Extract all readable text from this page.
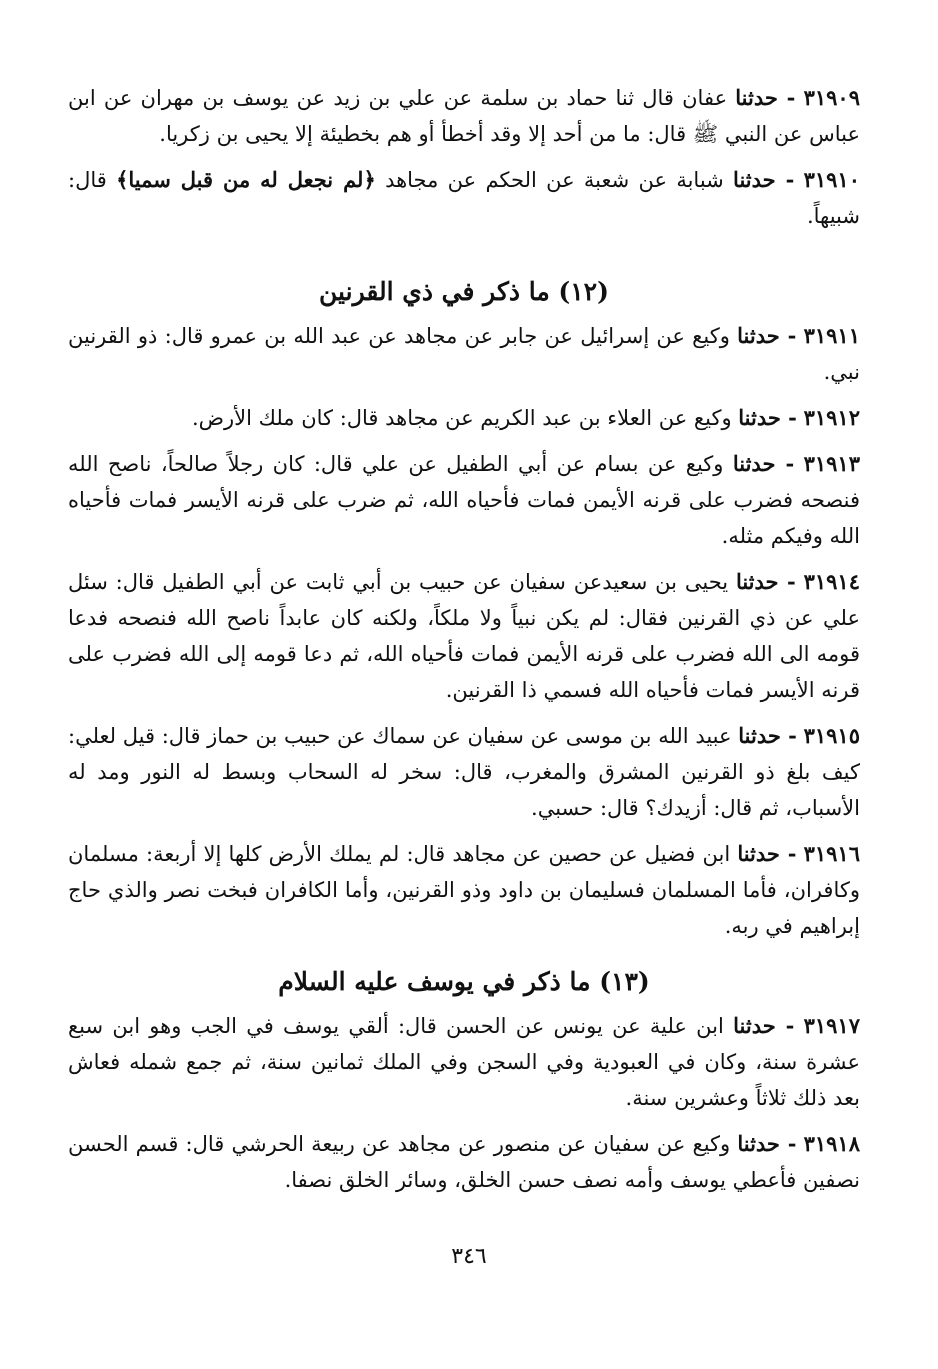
٣١٩٠٩ - حدثنا عفان قال ثنا حماد بن سلمة عن علي بن زيد عن يوسف بن مهران عن ابن عباس عن النبي ﷺ قال: ما من أحد إلا وقد أخطأ أو هم بخطيئة إلا يحيى بن زكريا.

٣١٩١٠ - حدثنا شبابة عن شعبة عن الحكم عن مجاهد ﴿لم نجعل له من قبل سميا﴾ قال: شبيهاً.

(١٢) ما ذكر في ذي القرنين

٣١٩١١ - حدثنا وكيع عن إسرائيل عن جابر عن مجاهد عن عبد الله بن عمرو قال: ذو القرنين نبي.

٣١٩١٢ - حدثنا وكيع عن العلاء بن عبد الكريم عن مجاهد قال: كان ملك الأرض.

٣١٩١٣ - حدثنا وكيع عن بسام عن أبي الطفيل عن علي قال: كان رجلاً صالحاً، ناصح الله فنصحه فضرب على قرنه الأيمن فمات فأحياه الله، ثم ضرب على قرنه الأيسر فمات فأحياه الله وفيكم مثله.

٣١٩١٤ - حدثنا يحيى بن سعيدعن سفيان عن حبيب بن أبي ثابت عن أبي الطفيل قال: سئل علي عن ذي القرنين فقال: لم يكن نبياً ولا ملكاً، ولكنه كان عابداً ناصح الله فنصحه فدعا قومه الى الله فضرب على قرنه الأيمن فمات فأحياه الله، ثم دعا قومه إلى الله فضرب على قرنه الأيسر فمات فأحياه الله فسمي ذا القرنين.

٣١٩١٥ - حدثنا عبيد الله بن موسى عن سفيان عن سماك عن حبيب بن حماز قال: قيل لعلي: كيف بلغ ذو القرنين المشرق والمغرب، قال: سخر له السحاب وبسط له النور ومد له الأسباب، ثم قال: أزيدك؟ قال: حسبي.

٣١٩١٦ - حدثنا ابن فضيل عن حصين عن مجاهد قال: لم يملك الأرض كلها إلا أربعة: مسلمان وكافران، فأما المسلمان فسليمان بن داود وذو القرنين، وأما الكافران فبخت نصر والذي حاج إبراهيم في ربه.

(١٣) ما ذكر في يوسف عليه السلام

٣١٩١٧ - حدثنا ابن علية عن يونس عن الحسن قال: ألقي يوسف في الجب وهو ابن سبع عشرة سنة، وكان في العبودية وفي السجن وفي الملك ثمانين سنة، ثم جمع شمله فعاش بعد ذلك ثلاثاً وعشرين سنة.

٣١٩١٨ - حدثنا وكيع عن سفيان عن منصور عن مجاهد عن ربيعة الحرشي قال: قسم الحسن نصفين فأعطي يوسف وأمه نصف حسن الخلق، وسائر الخلق نصفا.

٣٤٦
